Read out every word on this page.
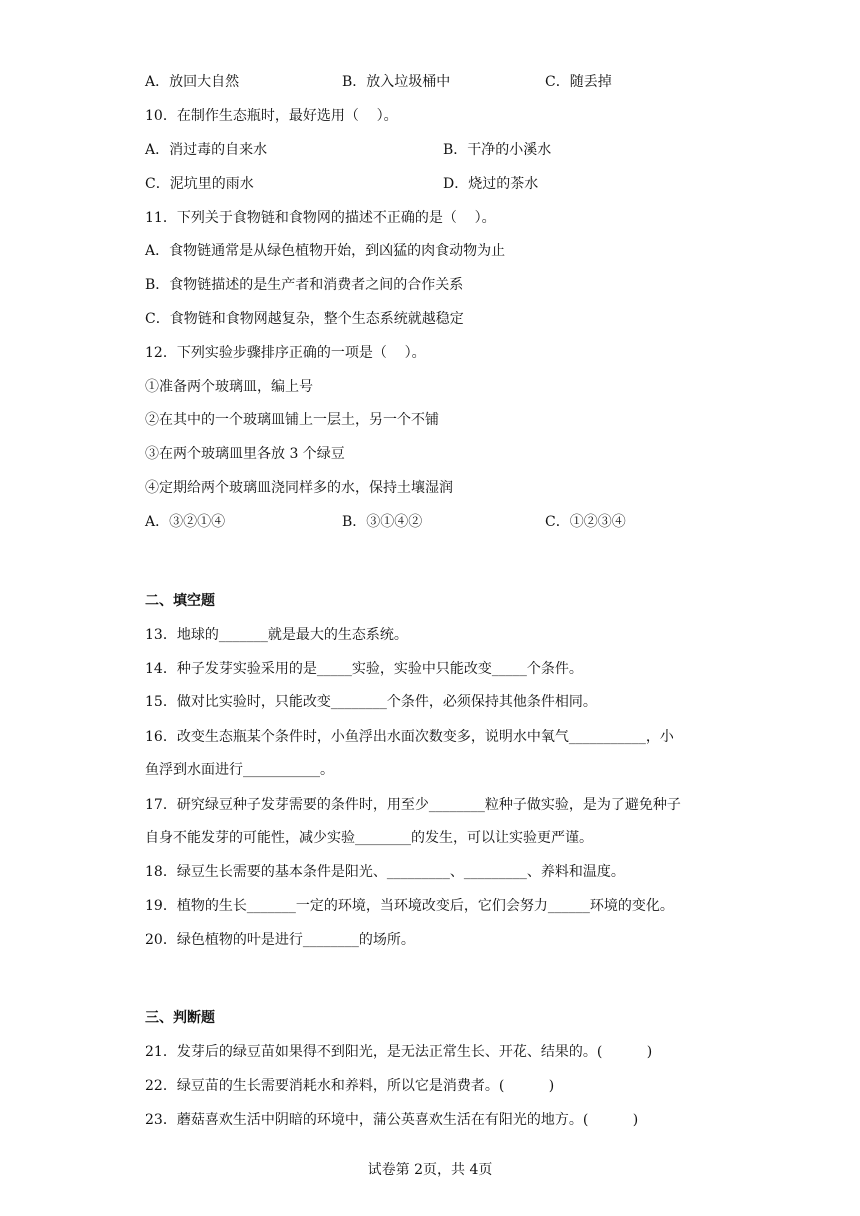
A．放回大自然	B．放入垃圾桶中	C．随丢掉
10．在制作生态瓶时，最好选用（    ）。
A．消过毒的自来水	B．干净的小溪水
C．泥坑里的雨水	D．烧过的茶水
11．下列关于食物链和食物网的描述不正确的是（    ）。
A．食物链通常是从绿色植物开始，到凶猛的肉食动物为止
B．食物链描述的是生产者和消费者之间的合作关系
C．食物链和食物网越复杂，整个生态系统就越稳定
12．下列实验步骤排序正确的一项是（    ）。
①准备两个玻璃皿，编上号
②在其中的一个玻璃皿铺上一层土，另一个不铺
③在两个玻璃皿里各放 3 个绿豆
④定期给两个玻璃皿浇同样多的水，保持土壤湿润
A．③②①④	B．③①④②	C．①②③④
二、填空题
13．地球的_______就是最大的生态系统。
14．种子发芽实验采用的是_____实验，实验中只能改变_____个条件。
15．做对比实验时，只能改变________个条件，必须保持其他条件相同。
16．改变生态瓶某个条件时，小鱼浮出水面次数变多，说明水中氧气___________，小
鱼浮到水面进行___________。
17．研究绿豆种子发芽需要的条件时，用至少________粒种子做实验，是为了避免种子
自身不能发芽的可能性，减少实验________的发生，可以让实验更严谨。
18．绿豆生长需要的基本条件是阳光、_________、_________、养料和温度。
19．植物的生长_______一定的环境，当环境改变后，它们会努力______环境的变化。
20．绿色植物的叶是进行________的场所。
三、判断题
21．发芽后的绿豆苗如果得不到阳光，是无法正常生长、开花、结果的。(          )
22．绿豆苗的生长需要消耗水和养料，所以它是消费者。(          )
23．蘑菇喜欢生活中阴暗的环境中，蒲公英喜欢生活在有阳光的地方。(          )
试卷第 2页，共 4页
